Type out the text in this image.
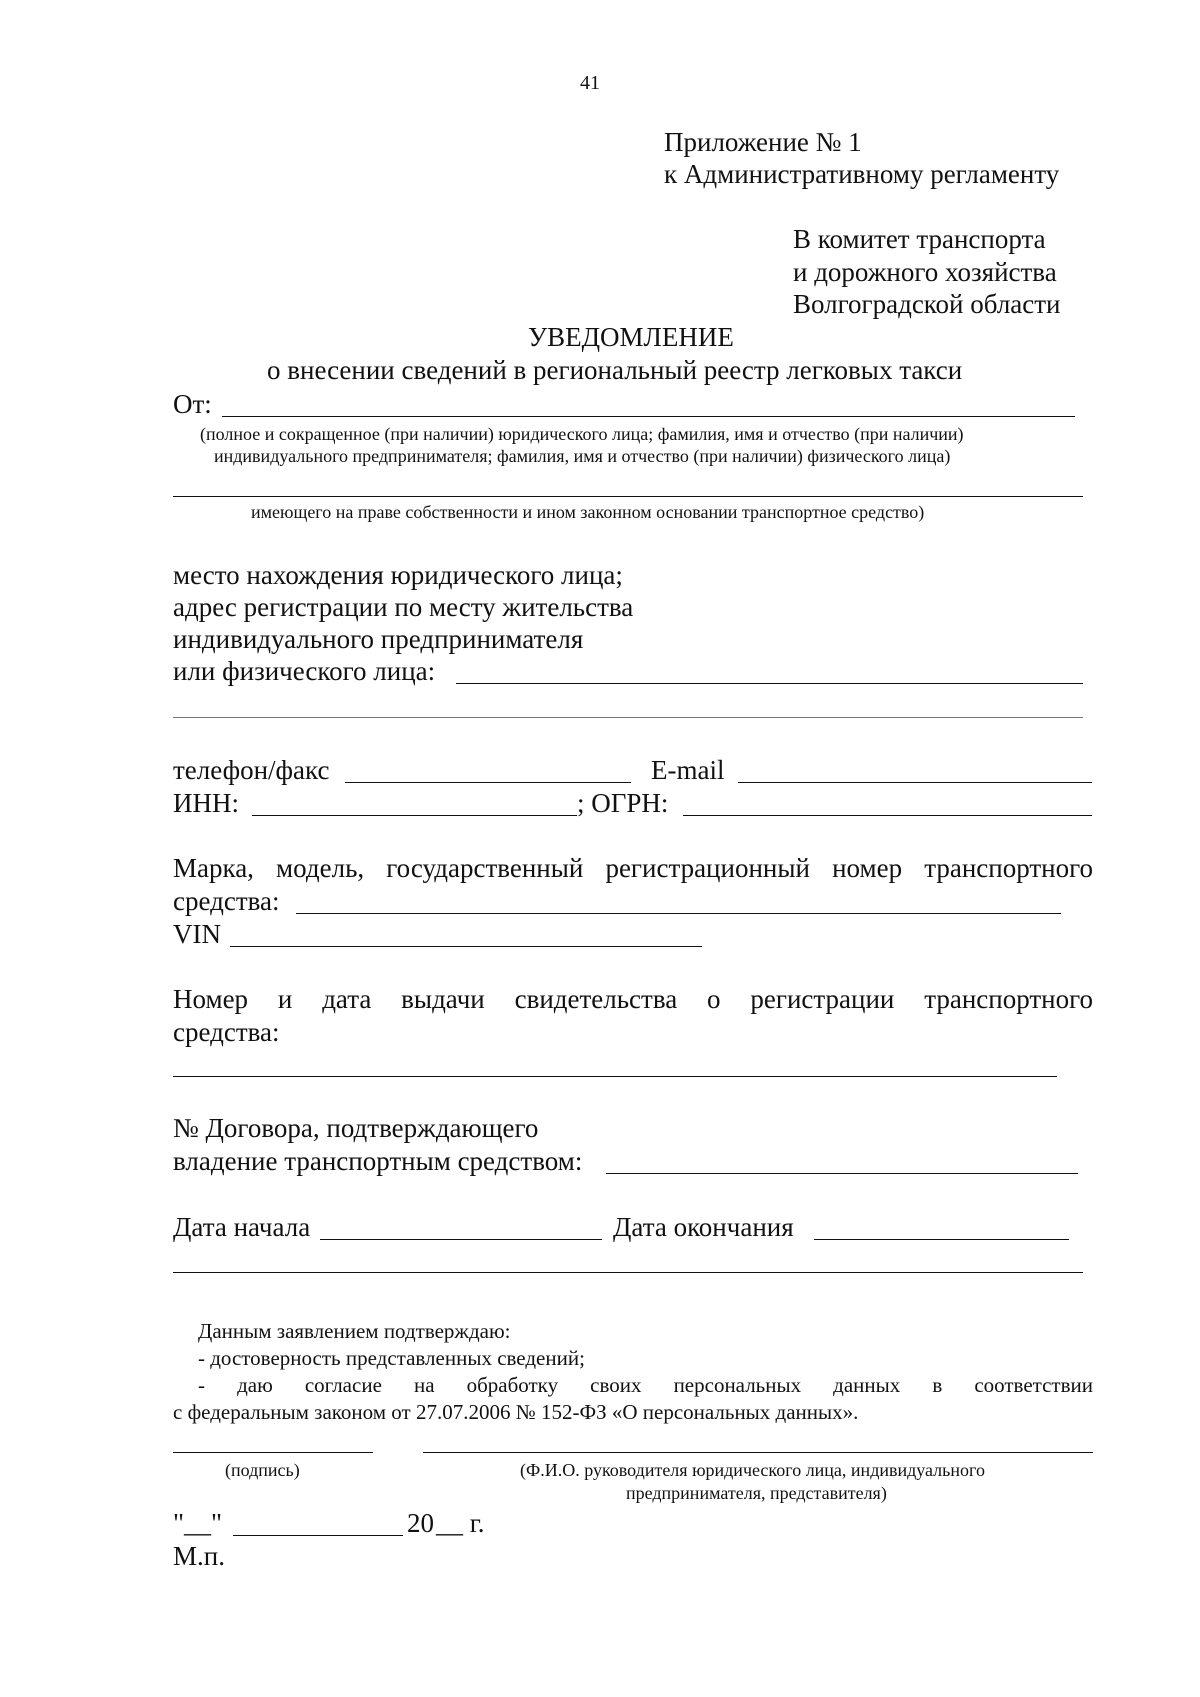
41
Приложение № 1
к Административному регламенту
В комитет транспорта
и дорожного хозяйства
Волгоградской области
УВЕДОМЛЕНИЕ
о внесении сведений в региональный реестр легковых такси
От:
(полное и сокращенное (при наличии) юридического лица; фамилия, имя и отчество (при наличии)
индивидуального предпринимателя; фамилия, имя и отчество (при наличии) физического лица)
имеющего на праве собственности и ином законном основании транспортное средство)
место нахождения юридического лица;
адрес регистрации по месту жительства
индивидуального предпринимателя
или физического лица:
телефон/факс	E-mail
ИНН:	; ОГРН:
Марка, модель, государственный регистрационный номер транспортного
средства:
VIN
Номер и дата выдачи свидетельства о регистрации транспортного
средства:
№ Договора, подтверждающего
владение транспортным средством:
Дата начала	Дата окончания
Данным заявлением подтверждаю:
- достоверность представленных сведений;
- даю согласие на обработку своих персональных данных в соответствии
с федеральным законом от 27.07.2006 № 152-ФЗ «О персональных данных».
(подпись)	(Ф.И.О. руководителя юридического лица, индивидуального
предпринимателя, представителя)
"__"	20 __ г.
М.п.
